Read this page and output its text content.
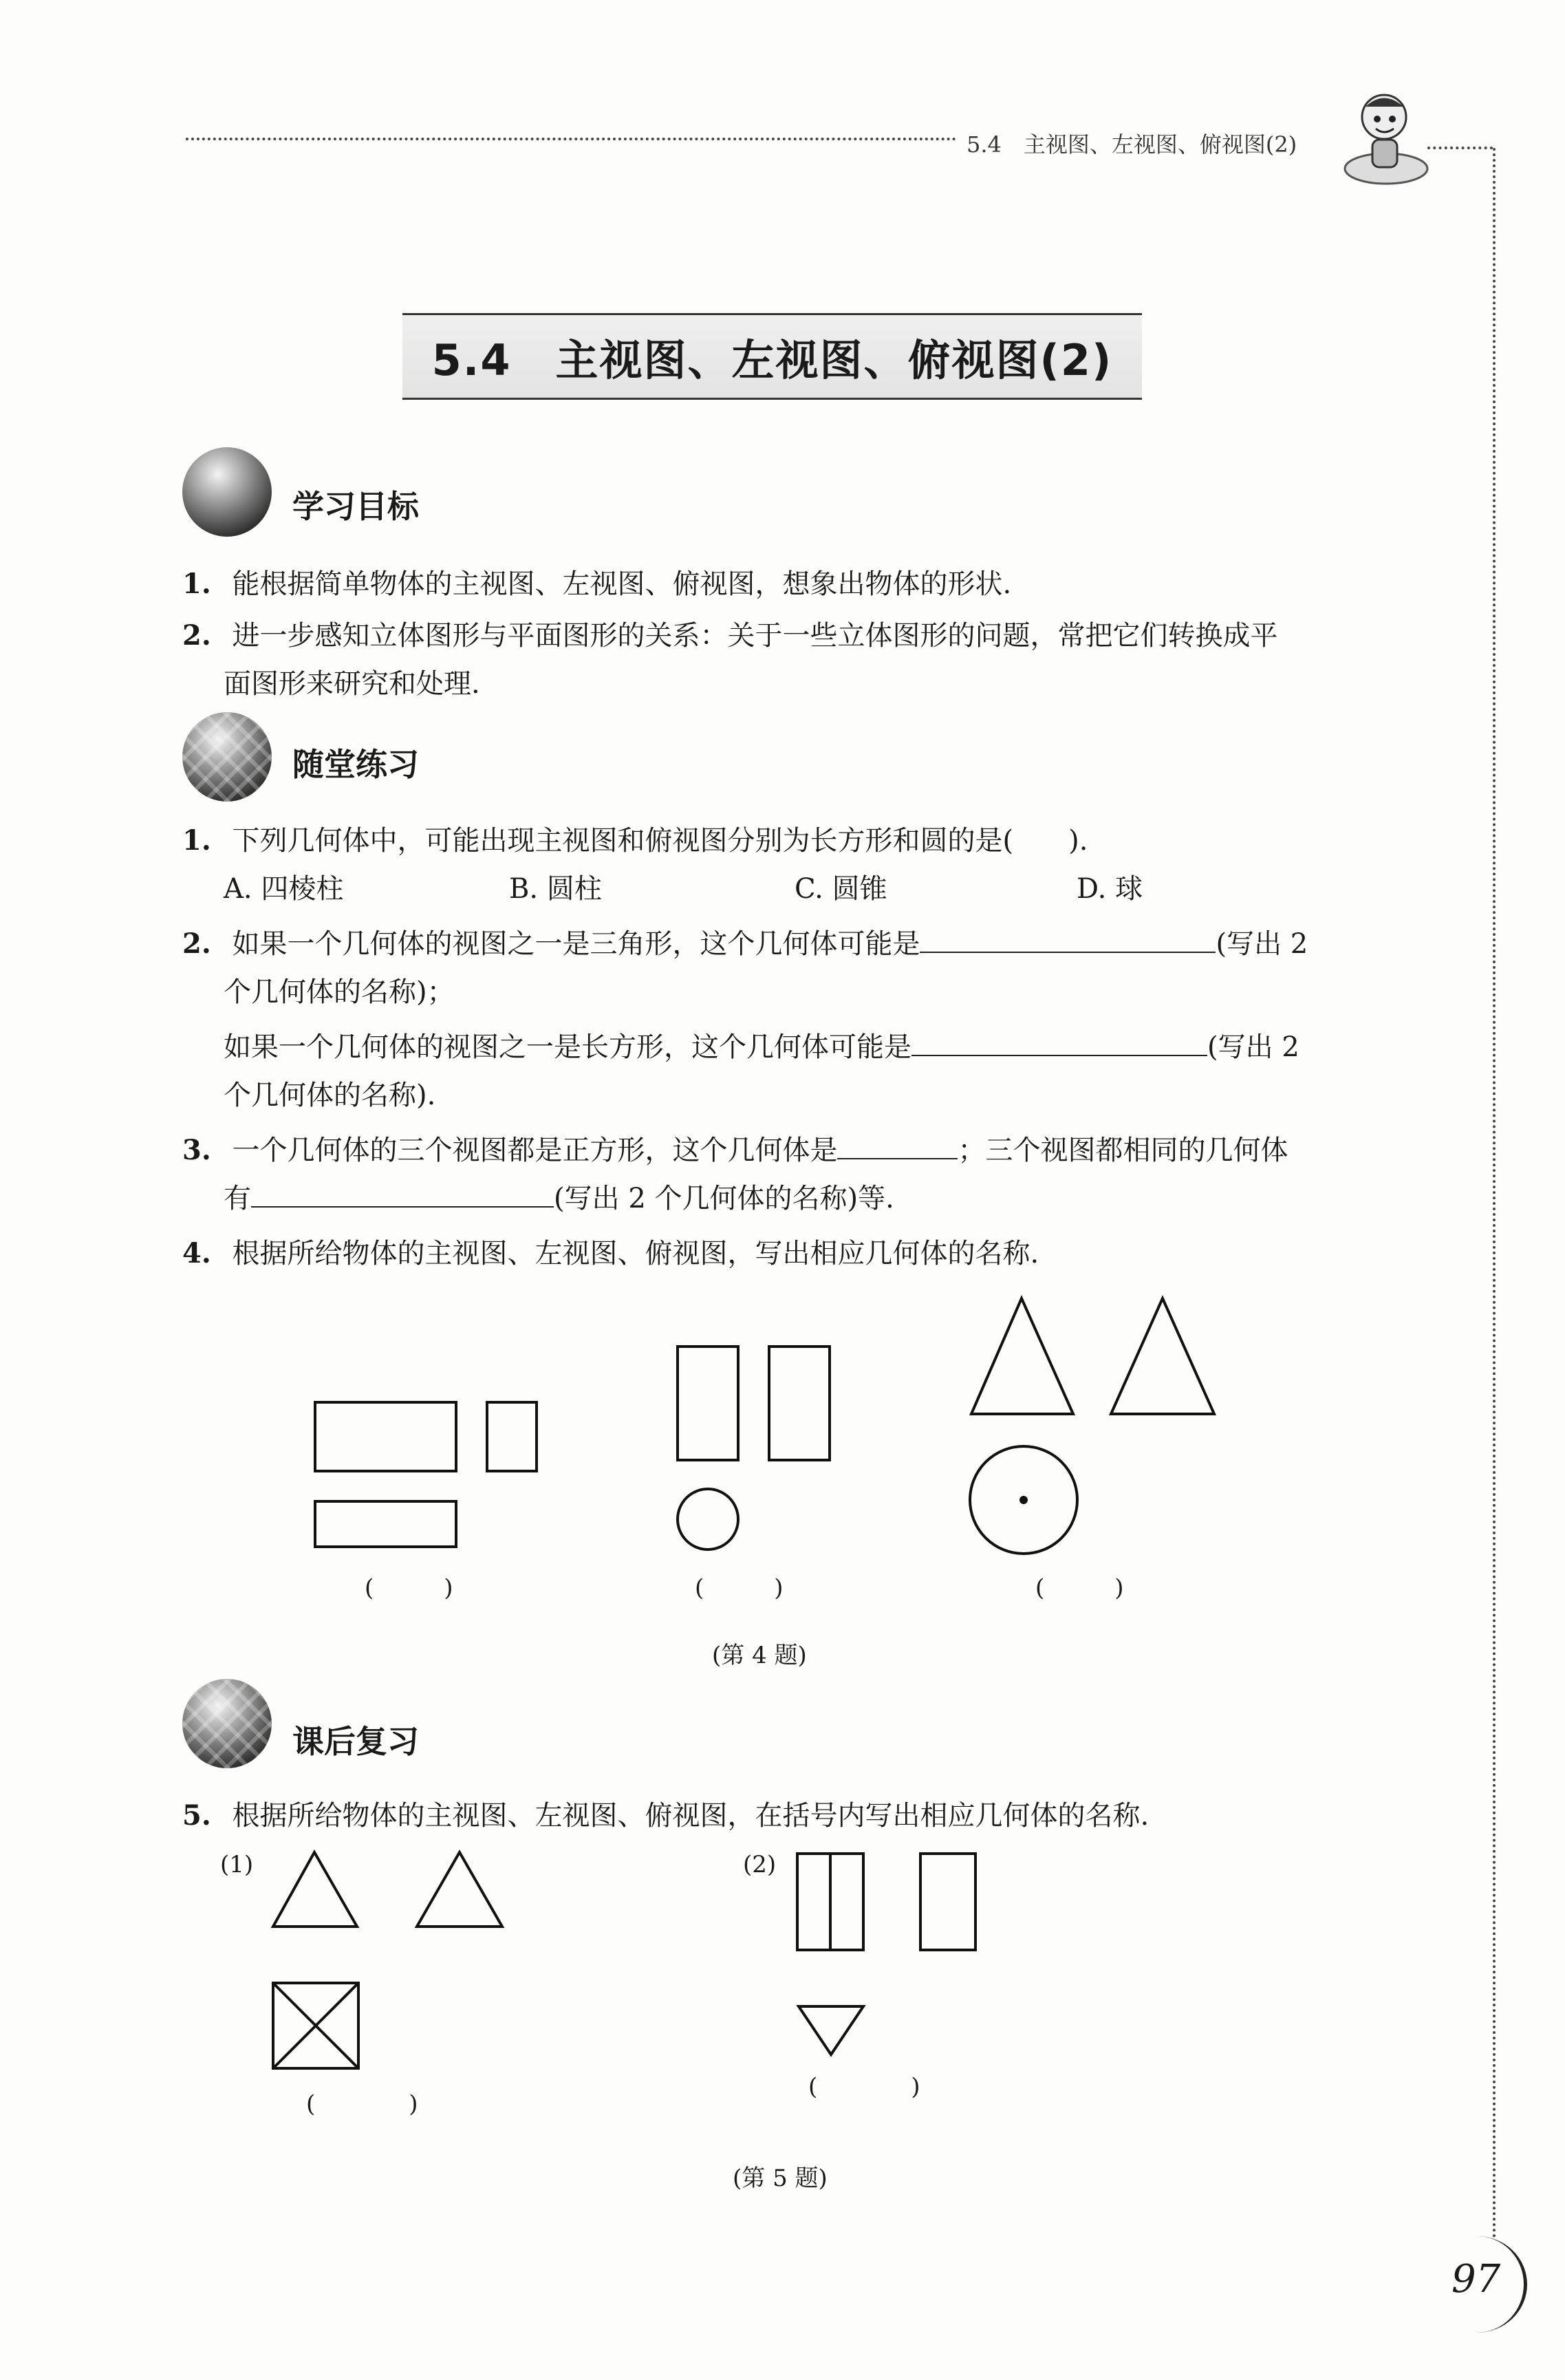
5.4　主视图、左视图、俯视图(2)
5.4　主视图、左视图、俯视图(2)
学习目标
1. 能根据简单物体的主视图、左视图、俯视图，想象出物体的形状.
2. 进一步感知立体图形与平面图形的关系：关于一些立体图形的问题，常把它们转换成平
面图形来研究和处理.
随堂练习
1. 下列几何体中，可能出现主视图和俯视图分别为长方形和圆的是(　　).
A. 四棱柱	B. 圆柱	C. 圆锥	D. 球
2. 如果一个几何体的视图之一是三角形，这个几何体可能是	(写出 2
个几何体的名称)；
如果一个几何体的视图之一是长方形，这个几何体可能是	(写出 2
个几何体的名称).
3. 一个几何体的三个视图都是正方形，这个几何体是	；三个视图都相同的几何体
有	(写出 2 个几何体的名称)等.
4. 根据所给物体的主视图、左视图、俯视图，写出相应几何体的名称.
(　　　)	(　　　)	(　　　)
(第 4 题)
课后复习
5. 根据所给物体的主视图、左视图、俯视图，在括号内写出相应几何体的名称.
(1)	(2)
(　　　　)
(　　　　)
(第 5 题)
97
